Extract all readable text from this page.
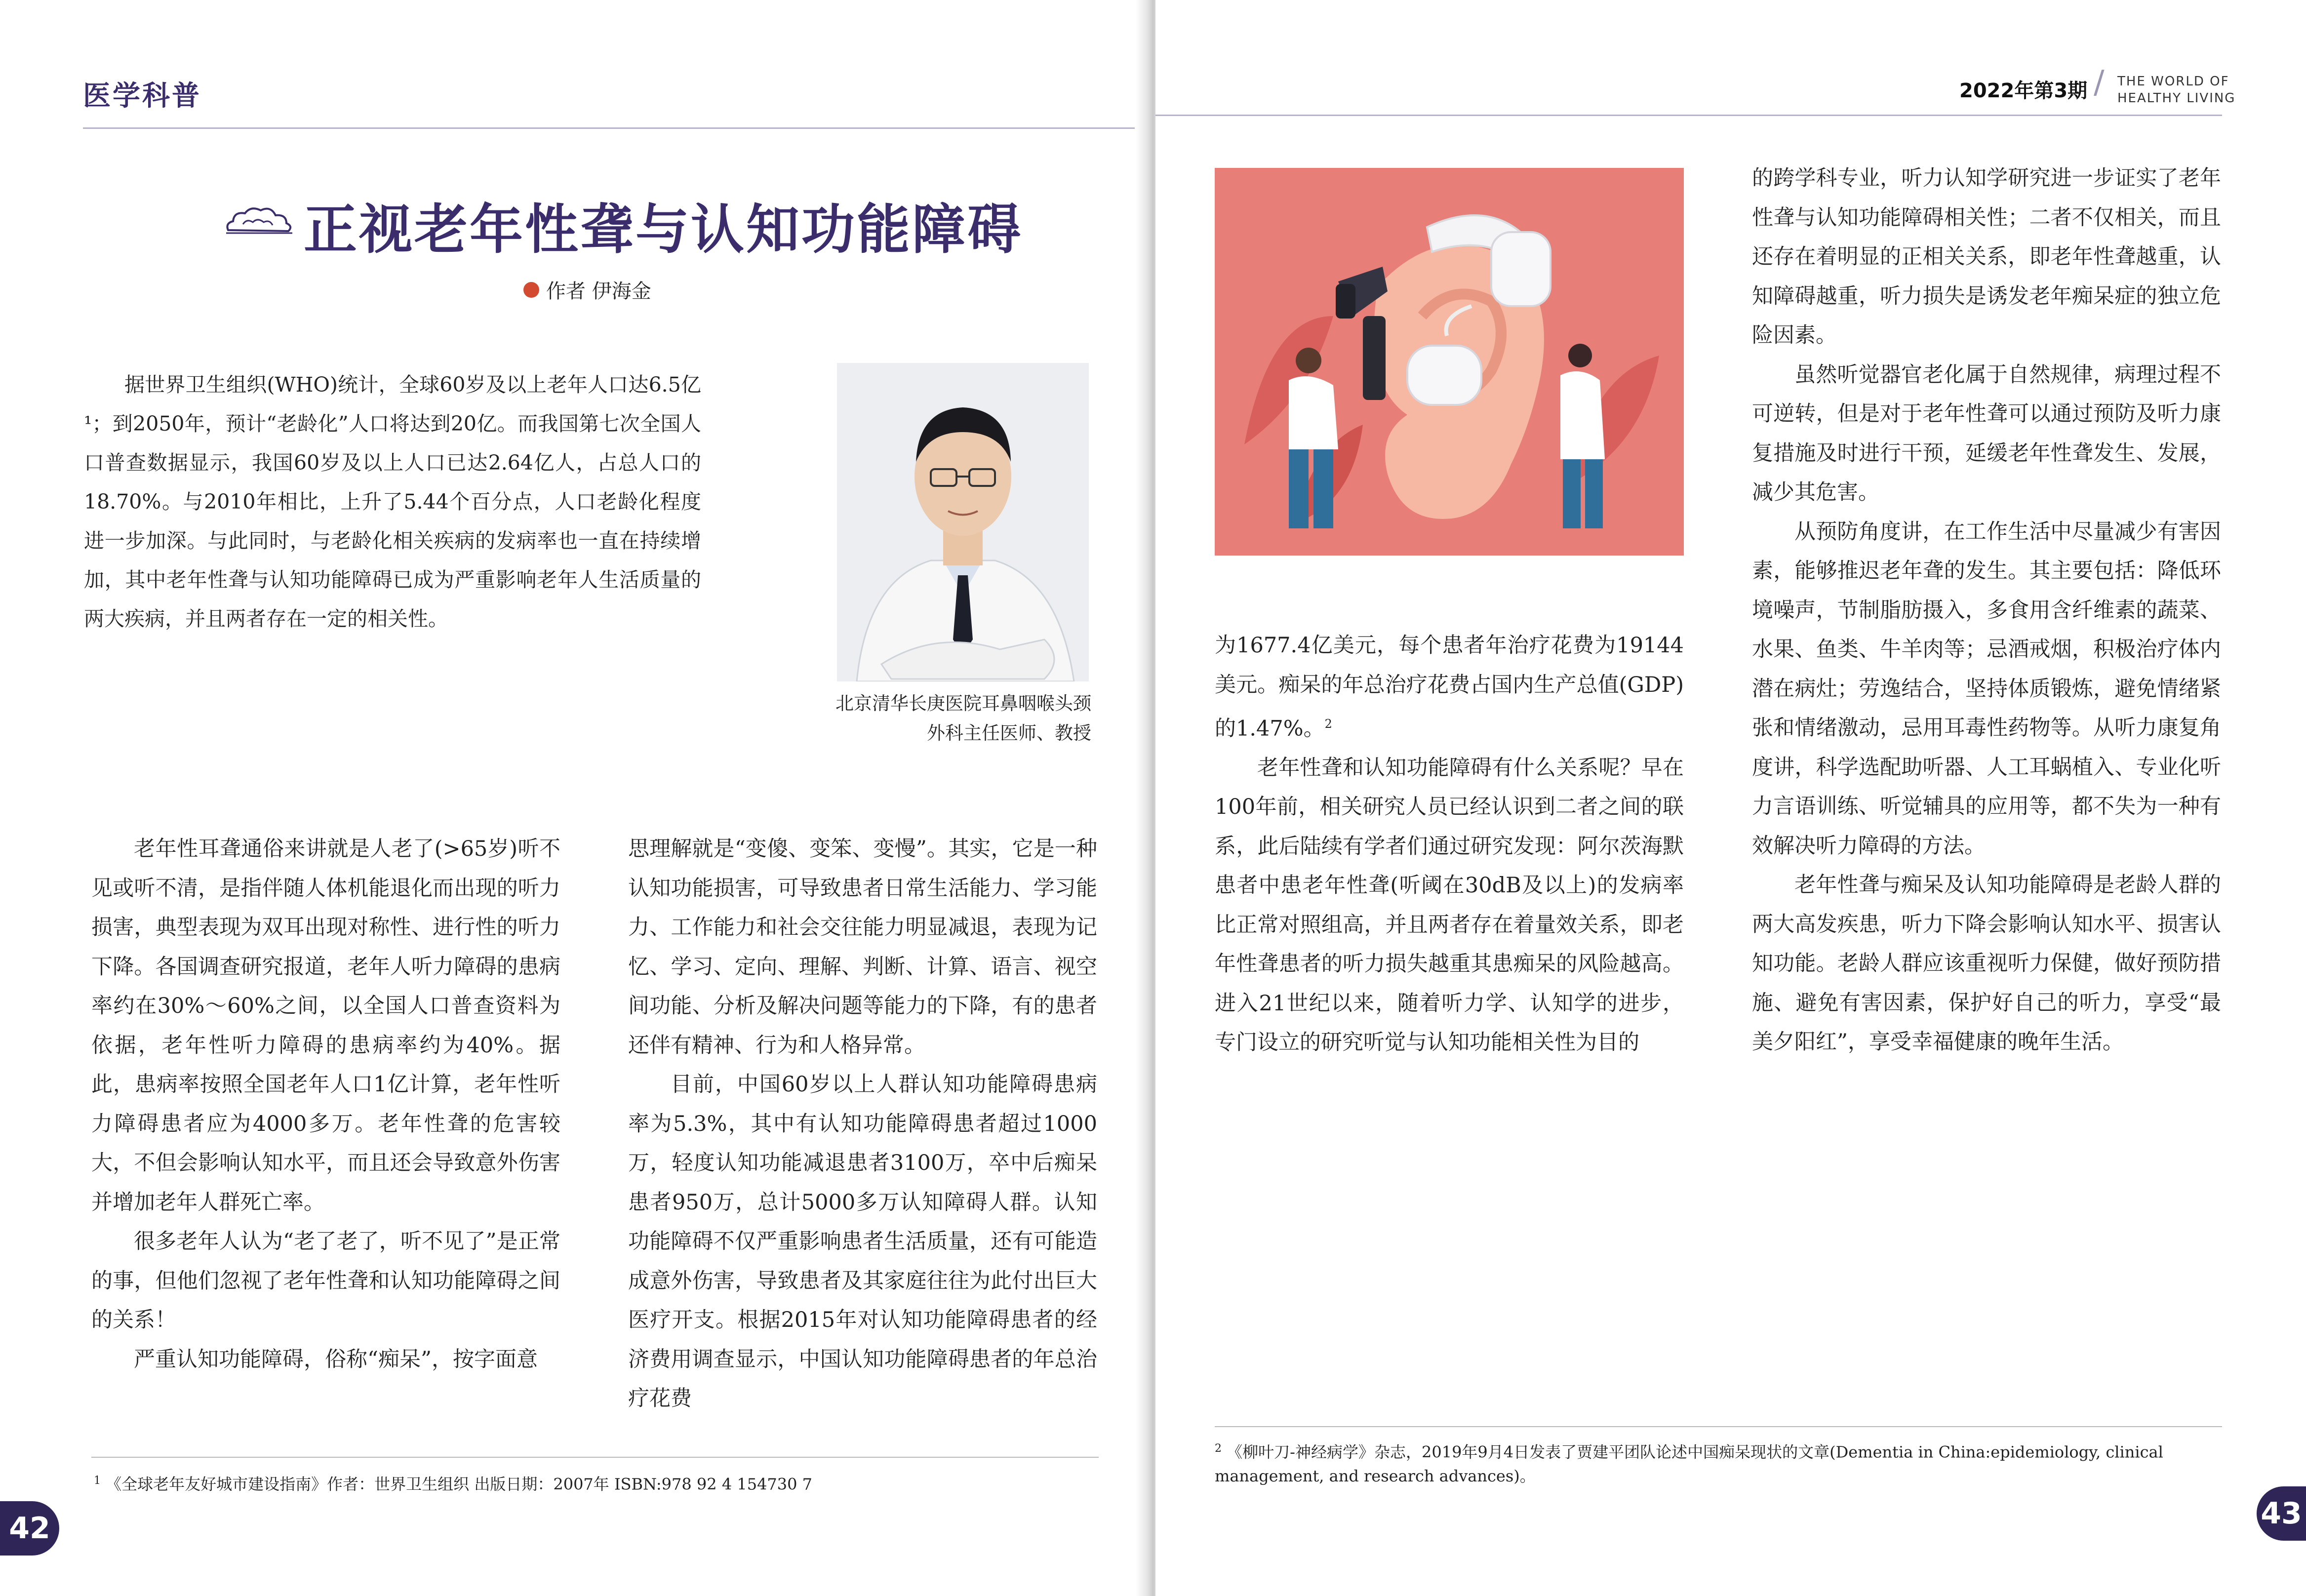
医学科普
正视老年性聋与认知功能障碍
作者 伊海金
据世界卫生组织(WHO)统计，全球60岁及以上老年人口达6.5亿¹；到2050年，预计“老龄化”人口将达到20亿。而我国第七次全国人口普查数据显示，我国60岁及以上人口已达2.64亿人，占总人口的18.70%。与2010年相比，上升了5.44个百分点，人口老龄化程度进一步加深。与此同时，与老龄化相关疾病的发病率也一直在持续增加，其中老年性聋与认知功能障碍已成为严重影响老年人生活质量的两大疾病，并且两者存在一定的相关性。
北京清华长庚医院耳鼻咽喉头颈
外科主任医师、教授

老年性耳聋通俗来讲就是人老了(>65岁)听不见或听不清，是指伴随人体机能退化而出现的听力损害，典型表现为双耳出现对称性、进行性的听力下降。各国调查研究报道，老年人听力障碍的患病率约在30%～60%之间，以全国人口普查资料为依据，老年性听力障碍的患病率约为40%。据此，患病率按照全国老年人口1亿计算，老年性听力障碍患者应为4000多万。老年性聋的危害较大，不但会影响认知水平，而且还会导致意外伤害并增加老年人群死亡率。

很多老年人认为“老了老了，听不见了”是正常的事，但他们忽视了老年性聋和认知功能障碍之间的关系！

严重认知功能障碍，俗称“痴呆”，按字面意

思理解就是“变傻、变笨、变慢”。其实，它是一种认知功能损害，可导致患者日常生活能力、学习能力、工作能力和社会交往能力明显减退，表现为记忆、学习、定向、理解、判断、计算、语言、视空间功能、分析及解决问题等能力的下降，有的患者还伴有精神、行为和人格异常。

目前，中国60岁以上人群认知功能障碍患病率为5.3%，其中有认知功能障碍患者超过1000万，轻度认知功能减退患者3100万，卒中后痴呆患者950万，总计5000多万认知障碍人群。认知功能障碍不仅严重影响患者生活质量，还有可能造成意外伤害，导致患者及其家庭往往为此付出巨大医疗开支。根据2015年对认知功能障碍患者的经济费用调查显示，中国认知功能障碍患者的年总治疗花费

$^1$ 《全球老年友好城市建设指南》作者：世界卫生组织 出版日期：2007年 ISBN:978 92 4 154730 7
42
2022年第3期 / THE WORLD OF
HEALTHY LIVING

为1677.4亿美元，每个患者年治疗花费为19144美元。痴呆的年总治疗花费占国内生产总值(GDP)的1.47%。$^2$

老年性聋和认知功能障碍有什么关系呢？早在100年前，相关研究人员已经认识到二者之间的联系，此后陆续有学者们通过研究发现：阿尔茨海默患者中患老年性聋(听阈在30dB及以上)的发病率比正常对照组高，并且两者存在着量效关系，即老年性聋患者的听力损失越重其患痴呆的风险越高。进入21世纪以来，随着听力学、认知学的进步，专门设立的研究听觉与认知功能相关性为目的

的跨学科专业，听力认知学研究进一步证实了老年性聋与认知功能障碍相关性；二者不仅相关，而且还存在着明显的正相关关系，即老年性聋越重，认知障碍越重，听力损失是诱发老年痴呆症的独立危险因素。

虽然听觉器官老化属于自然规律，病理过程不可逆转，但是对于老年性聋可以通过预防及听力康复措施及时进行干预，延缓老年性聋发生、发展，减少其危害。

从预防角度讲，在工作生活中尽量减少有害因素，能够推迟老年聋的发生。其主要包括：降低环境噪声，节制脂肪摄入，多食用含纤维素的蔬菜、水果、鱼类、牛羊肉等；忌酒戒烟，积极治疗体内潜在病灶；劳逸结合，坚持体质锻炼，避免情绪紧张和情绪激动，忌用耳毒性药物等。从听力康复角度讲，科学选配助听器、人工耳蜗植入、专业化听力言语训练、听觉辅具的应用等，都不失为一种有效解决听力障碍的方法。

老年性聋与痴呆及认知功能障碍是老龄人群的两大高发疾患，听力下降会影响认知水平、损害认知功能。老龄人群应该重视听力保健，做好预防措施、避免有害因素，保护好自己的听力，享受“最美夕阳红”，享受幸福健康的晚年生活。

$^2$ 《柳叶刀-神经病学》杂志，2019年9月4日发表了贾建平团队论述中国痴呆现状的文章(Dementia in China:epidemiology, clinical management, and research advances)。
43
